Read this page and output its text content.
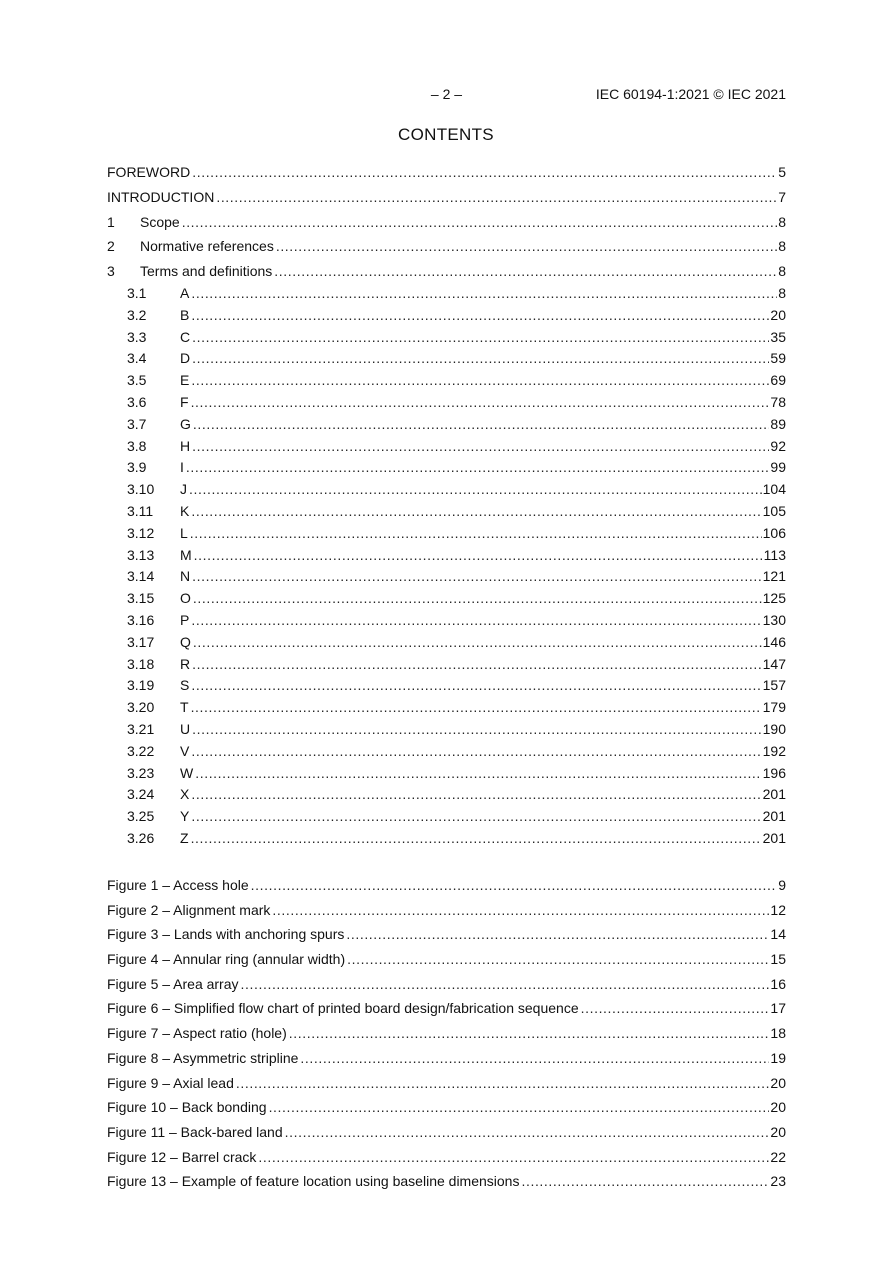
– 2 –	IEC 60194-1:2021 © IEC 2021
CONTENTS
FOREWORD .....	5
INTRODUCTION .....	7
1	Scope .....	8
2	Normative references .....	8
3	Terms and definitions .....	8
3.1	A .....	8
3.2	B .....	20
3.3	C .....	35
3.4	D .....	59
3.5	E .....	69
3.6	F .....	78
3.7	G .....	89
3.8	H .....	92
3.9	I .....	99
3.10	J .....	104
3.11	K .....	105
3.12	L .....	106
3.13	M .....	113
3.14	N .....	121
3.15	O .....	125
3.16	P .....	130
3.17	Q .....	146
3.18	R .....	147
3.19	S .....	157
3.20	T .....	179
3.21	U .....	190
3.22	V .....	192
3.23	W .....	196
3.24	X .....	201
3.25	Y .....	201
3.26	Z .....	201
Figure 1 – Access hole .....	9
Figure 2 – Alignment mark .....	12
Figure 3 – Lands with anchoring spurs .....	14
Figure 4 – Annular ring (annular width) .....	15
Figure 5 – Area array .....	16
Figure 6 – Simplified flow chart of printed board design/fabrication sequence .....	17
Figure 7 – Aspect ratio (hole) .....	18
Figure 8 – Asymmetric stripline .....	19
Figure 9 – Axial lead .....	20
Figure 10 – Back bonding .....	20
Figure 11 – Back-bared land .....	20
Figure 12 – Barrel crack .....	22
Figure 13 – Example of feature location using baseline dimensions .....	23
